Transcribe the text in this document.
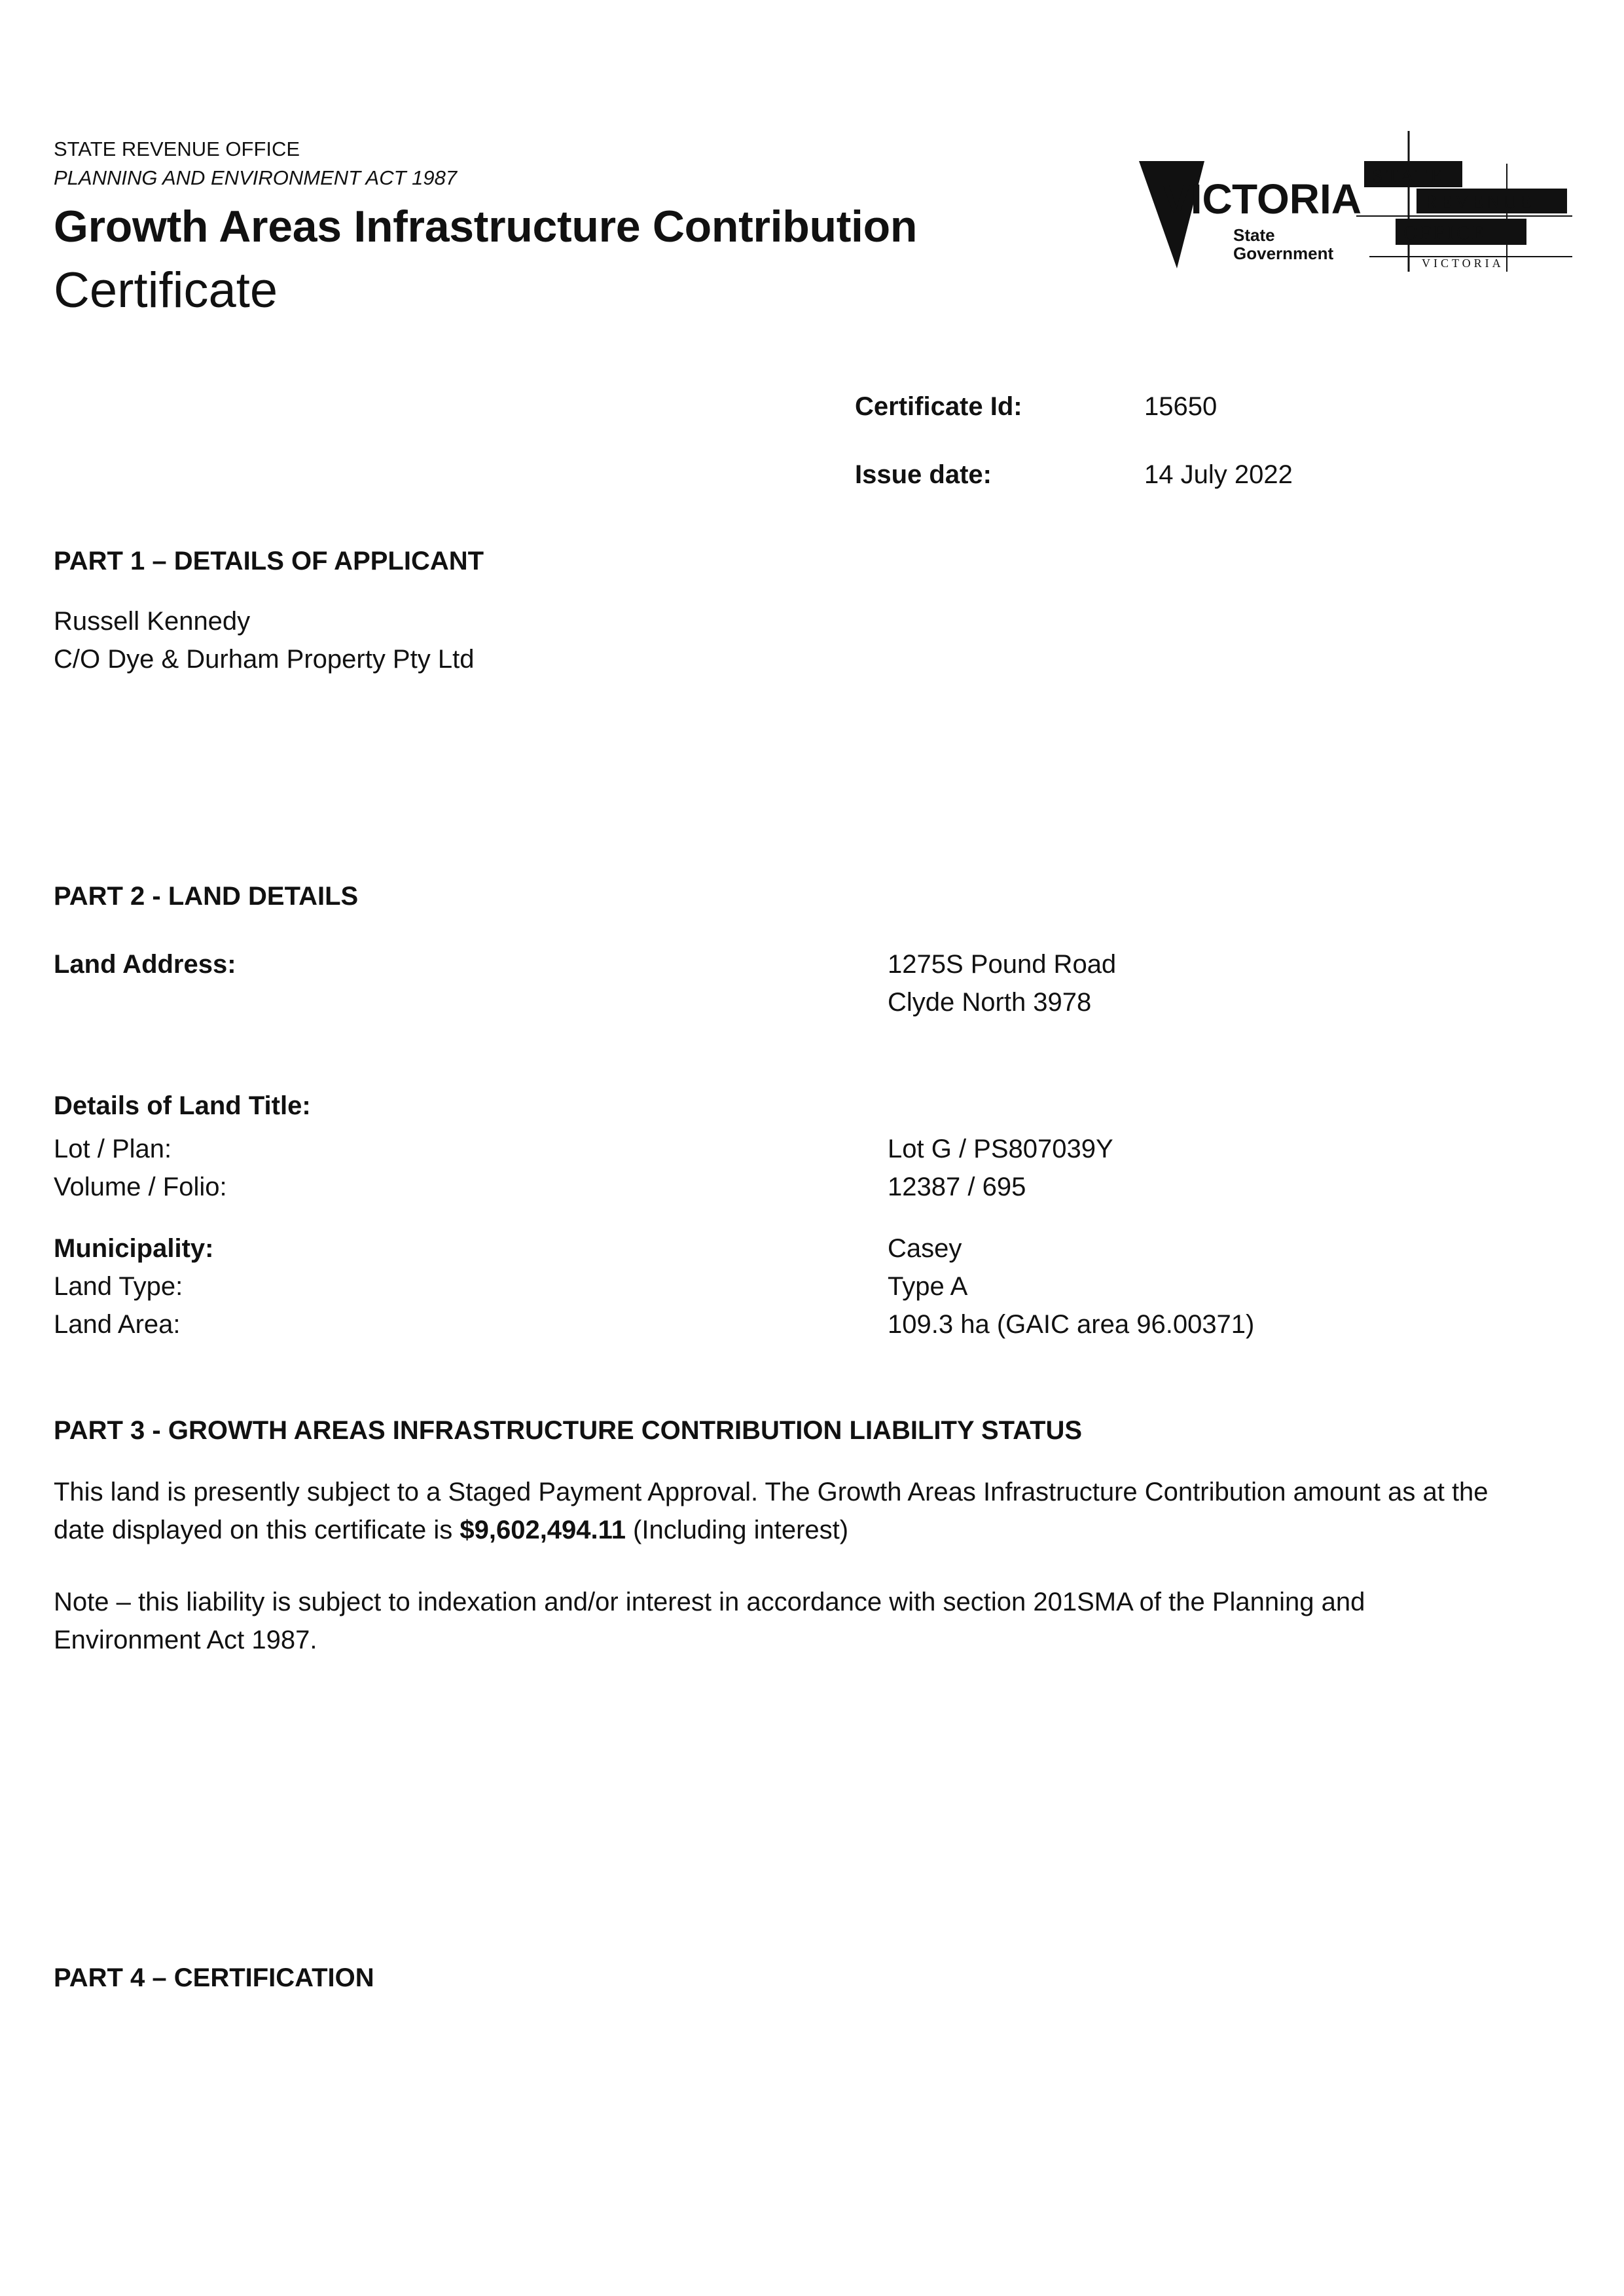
STATE REVENUE OFFICE
PLANNING AND ENVIRONMENT ACT 1987
Growth Areas Infrastructure Contribution
Certificate
VIC TORIA
State
Government
STATE
REVENUE
OFFICE
VICTORIA
Certificate Id:	15650
Issue date:	14 July 2022
PART 1 – DETAILS OF APPLICANT
Russell Kennedy
C/O Dye & Durham Property Pty Ltd
PART 2 - LAND DETAILS
Land Address:	1275S Pound Road
Clyde North 3978
Details of Land Title:
Lot / Plan:	Lot G / PS807039Y
Volume / Folio:	12387 / 695
Municipality:	Casey
Land Type:	Type A
Land Area:	109.3 ha (GAIC area 96.00371)
PART 3 - GROWTH AREAS INFRASTRUCTURE CONTRIBUTION LIABILITY STATUS
This land is presently subject to a Staged Payment Approval. The Growth Areas Infrastructure Contribution amount as at the
date displayed on this certificate is $9,602,494.11 (Including interest)
Note – this liability is subject to indexation and/or interest in accordance with section 201SMA of the Planning and
Environment Act 1987.
PART 4 – CERTIFICATION
